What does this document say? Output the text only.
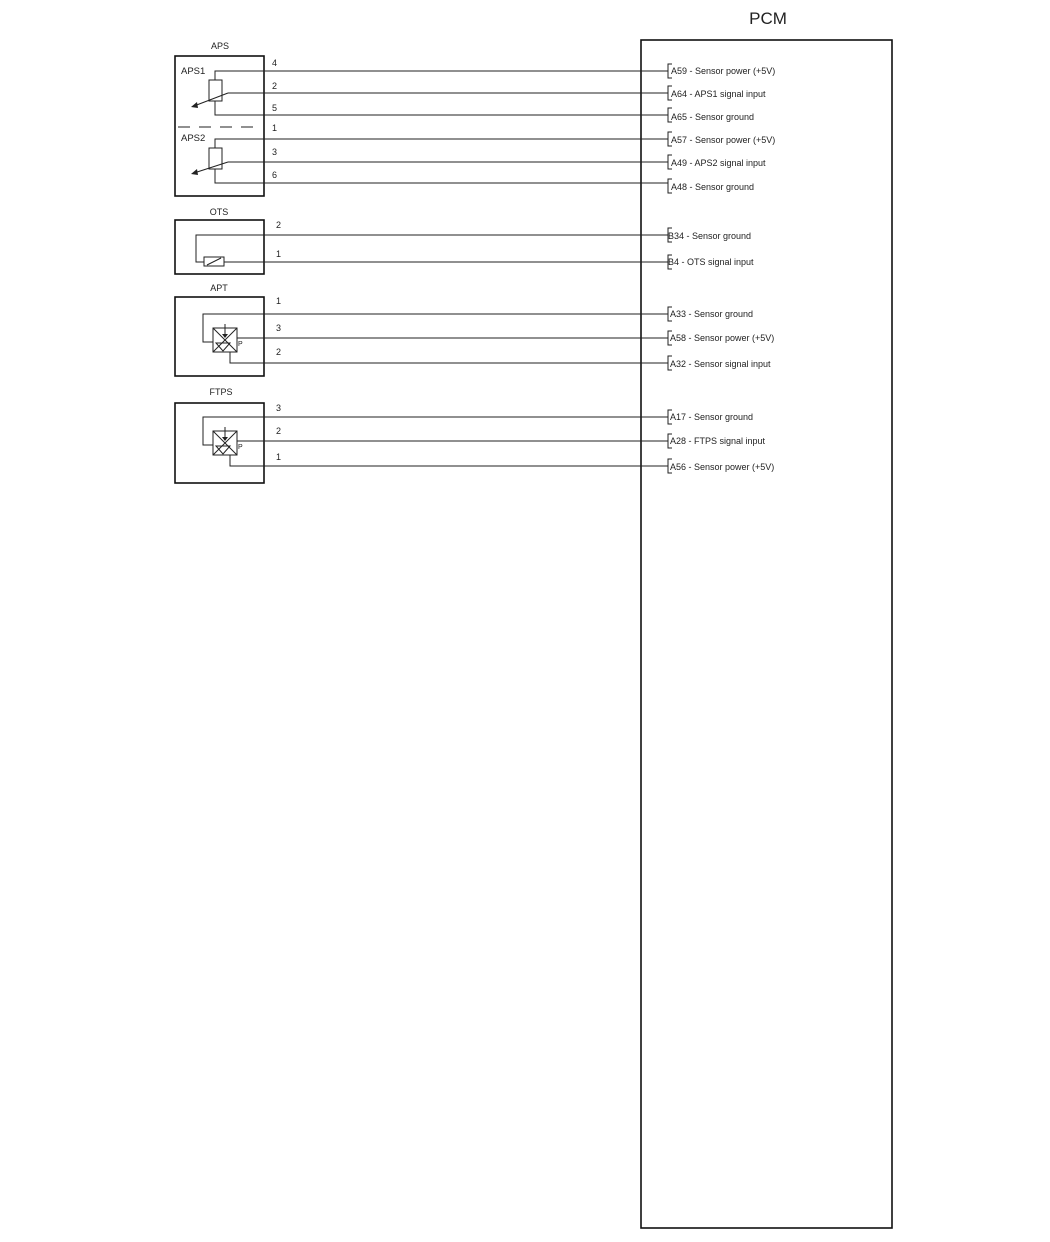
PCM
APS
APS1
APS2
4
2
5
1
3
6
A59 - Sensor power (+5V)
A64 - APS1 signal input
A65 - Sensor ground
A57 - Sensor power (+5V)
A49 - APS2 signal input
A48 - Sensor ground
OTS
2
1
B34 - Sensor ground
B4 - OTS signal input
APT
P
1
3
2
A33 - Sensor ground
A58 - Sensor power (+5V)
A32 - Sensor signal input
FTPS
P
3
2
1
A17 - Sensor ground
A28 - FTPS signal input
A56 - Sensor power (+5V)
